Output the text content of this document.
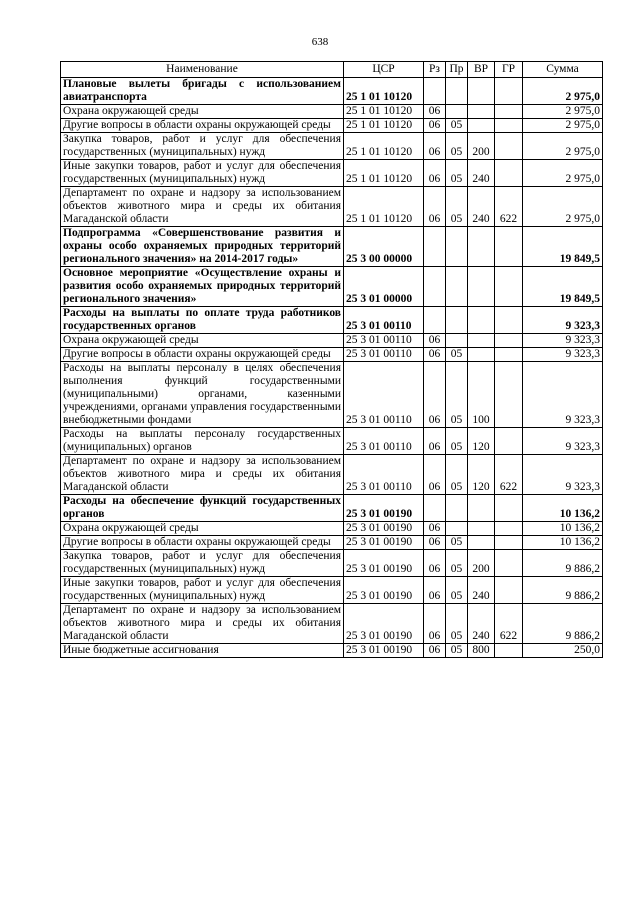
638
Наименование	ЦСР	Рз	Пр	ВР	ГР	Сумма
Плановые вылеты бригады с использованием авиатранспорта	25 1 01 10120					2 975,0
Охрана окружающей среды	25 1 01 10120	06				2 975,0
Другие вопросы в области охраны окружающей среды	25 1 01 10120	06	05			2 975,0
Закупка товаров, работ и услуг для обеспечения государственных (муниципальных) нужд	25 1 01 10120	06	05	200		2 975,0
Иные закупки товаров, работ и услуг для обеспечения государственных (муниципальных) нужд	25 1 01 10120	06	05	240		2 975,0
Департамент по охране и надзору за использованием объектов животного мира и среды их обитания Магаданской области	25 1 01 10120	06	05	240	622	2 975,0
Подпрограмма «Совершенствование развития и охраны особо охраняемых природных территорий регионального значения» на 2014-2017 годы»	25 3 00 00000					19 849,5
Основное мероприятие «Осуществление охраны и развития особо охраняемых природных территорий регионального значения»	25 3 01 00000					19 849,5
Расходы на выплаты по оплате труда работников государственных органов	25 3 01 00110					9 323,3
Охрана окружающей среды	25 3 01 00110	06				9 323,3
Другие вопросы в области охраны окружающей среды	25 3 01 00110	06	05			9 323,3
Расходы на выплаты персоналу в целях обеспечения выполнения функций государственными (муниципальными) органами, казенными учреждениями, органами управления государственными внебюджетными фондами	25 3 01 00110	06	05	100		9 323,3
Расходы на выплаты персоналу государственных (муниципальных) органов	25 3 01 00110	06	05	120		9 323,3
Департамент по охране и надзору за использованием объектов животного мира и среды их обитания Магаданской области	25 3 01 00110	06	05	120	622	9 323,3
Расходы на обеспечение функций государственных органов	25 3 01 00190					10 136,2
Охрана окружающей среды	25 3 01 00190	06				10 136,2
Другие вопросы в области охраны окружающей среды	25 3 01 00190	06	05			10 136,2
Закупка товаров, работ и услуг для обеспечения государственных (муниципальных) нужд	25 3 01 00190	06	05	200		9 886,2
Иные закупки товаров, работ и услуг для обеспечения государственных (муниципальных) нужд	25 3 01 00190	06	05	240		9 886,2
Департамент по охране и надзору за использованием объектов животного мира и среды их обитания Магаданской области	25 3 01 00190	06	05	240	622	9 886,2
Иные бюджетные ассигнования	25 3 01 00190	06	05	800		250,0
